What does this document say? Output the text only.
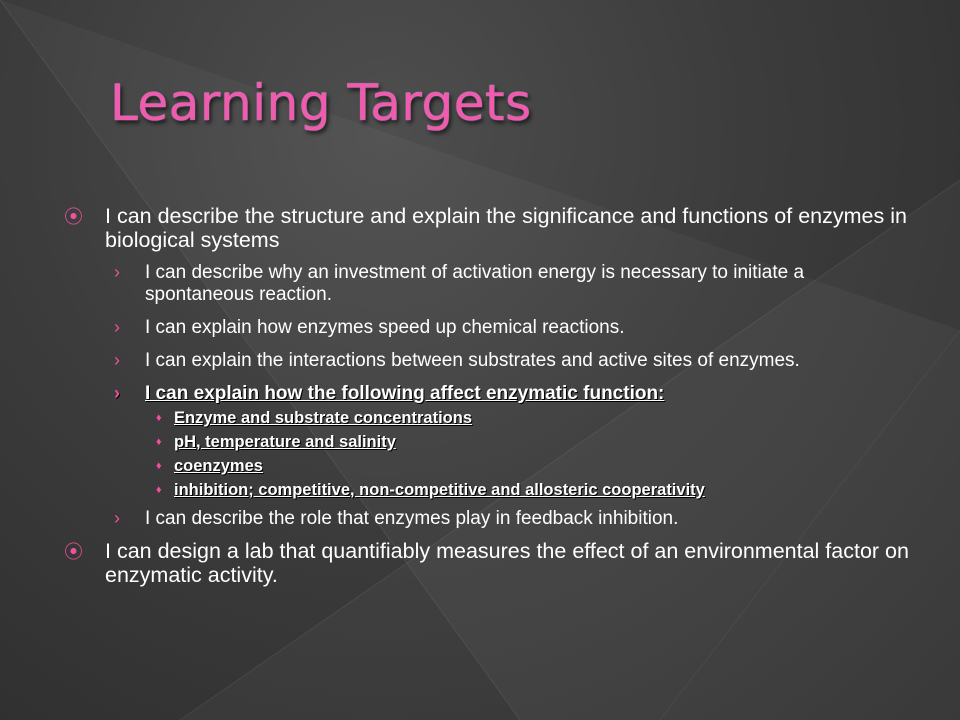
Learning Targets
⦿ I can describe the structure and explain the significance and functions of enzymes in biological systems
› I can describe why an investment of activation energy is necessary to initiate a spontaneous reaction.
› I can explain how enzymes speed up chemical reactions.
› I can explain the interactions between substrates and active sites of enzymes.
› I can explain how the following affect enzymatic function:
♦ Enzyme and substrate concentrations
♦ pH, temperature and salinity
♦ coenzymes
♦ inhibition; competitive, non-competitive and allosteric cooperativity
› I can describe the role that enzymes play in feedback inhibition.
⦿ I can design a lab that quantifiably measures the effect of an environmental factor on enzymatic activity.
